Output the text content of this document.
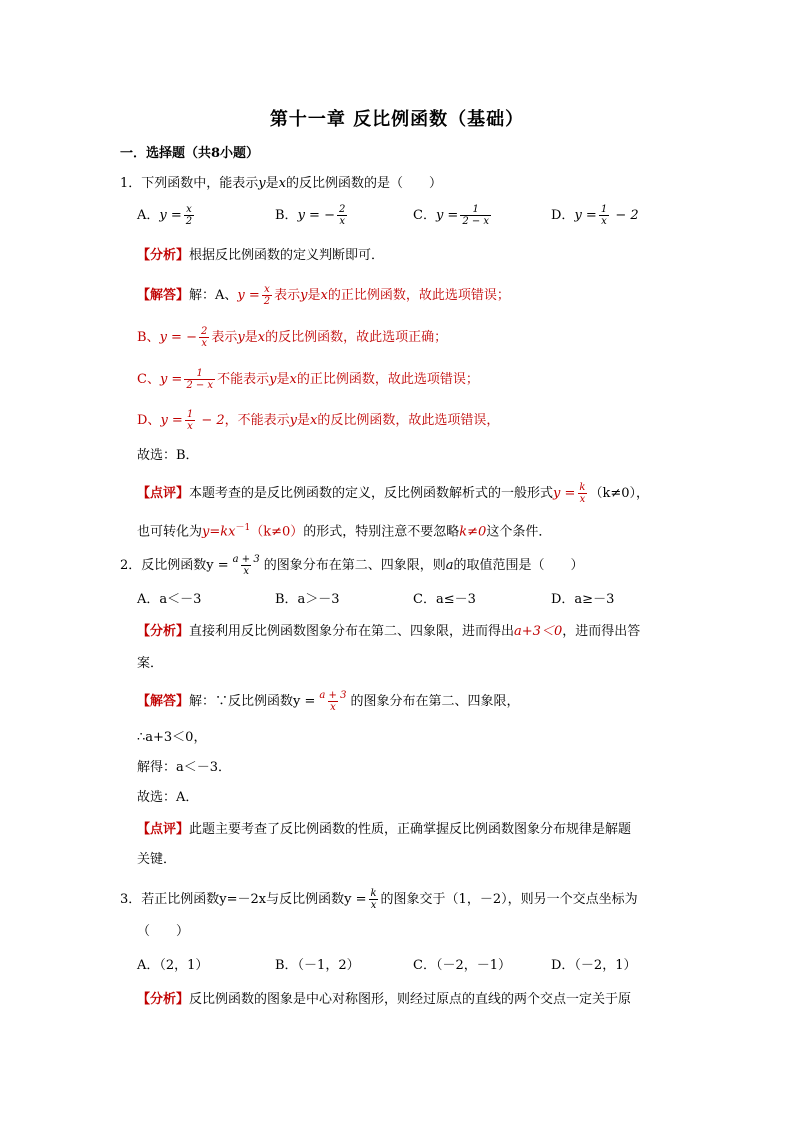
第十一章 反比例函数（基础）
一．选择题（共8小题）
1．下列函数中，能表示y是x的反比例函数的是（　　）
A．$y = \frac{x}{2}$	B．y = − $\frac{2}{x}$	C．$y = \frac{1}{2 - x}$	D．$y = \frac{1}{x} - 2$
【分析】根据反比例函数的定义判断即可．
【解答】解：A、$y = \frac{x}{2}$ 表示y是x的正比例函数，故此选项错误；
B、y = − $\frac{2}{x}$ 表示y是x的反比例函数，故此选项正确；
C、$y = \frac{1}{2 - x}$ 不能表示y是x的正比例函数，故此选项错误；
D、$y = \frac{1}{x} - 2$，不能表示y是x的反比例函数，故此选项错误，
故选：B．
【点评】本题考查的是反比例函数的定义，反比例函数解析式的一般形式$y = \frac{k}{x} (k\ne 0)$，
也可转化为$y=kx^{-1}(k\ne 0)$的形式，特别注意不要忽略k≠0这个条件．
2．反比例函数$y = \frac{a + 3}{x}$ 的图象分布在第二、四象限，则a的取值范围是（　　）
A．a＜－3	B．a＞－3	C．a≤－3	D．a≥－3
【分析】直接利用反比例函数图象分布在第二、四象限，进而得出a+3＜0，进而得出答
案．
【解答】解：∵反比例函数$y = \frac{a + 3}{x}$ 的图象分布在第二、四象限，
∴a+3＜0，
解得：a＜－3．
故选：A．
【点评】此题主要考查了反比例函数的性质，正确掌握反比例函数图象分布规律是解题
关键．
3．若正比例函数y=－2x与反比例函数$y = \frac{k}{x}$ 的图象交于（1，－2），则另一个交点坐标为
（　　）
A．（2，1）	B．（－1，2）	C．（－2，－1）	D．（－2，1）
【分析】反比例函数的图象是中心对称图形，则经过原点的直线的两个交点一定关于原
